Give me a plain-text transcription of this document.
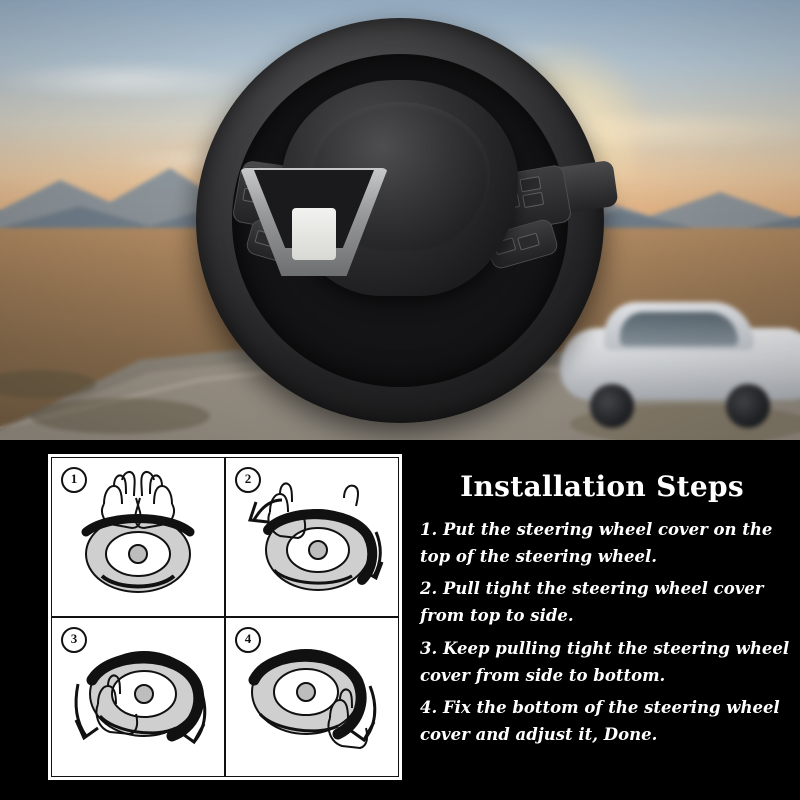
1	2
3	4
Installation Steps
1. Put the steering wheel cover on the top of the steering wheel.
2. Pull tight the steering wheel cover from top to side.
3. Keep pulling tight the steering wheel cover from side to bottom.
4. Fix the bottom of the steering wheel cover and adjust it, Done.
